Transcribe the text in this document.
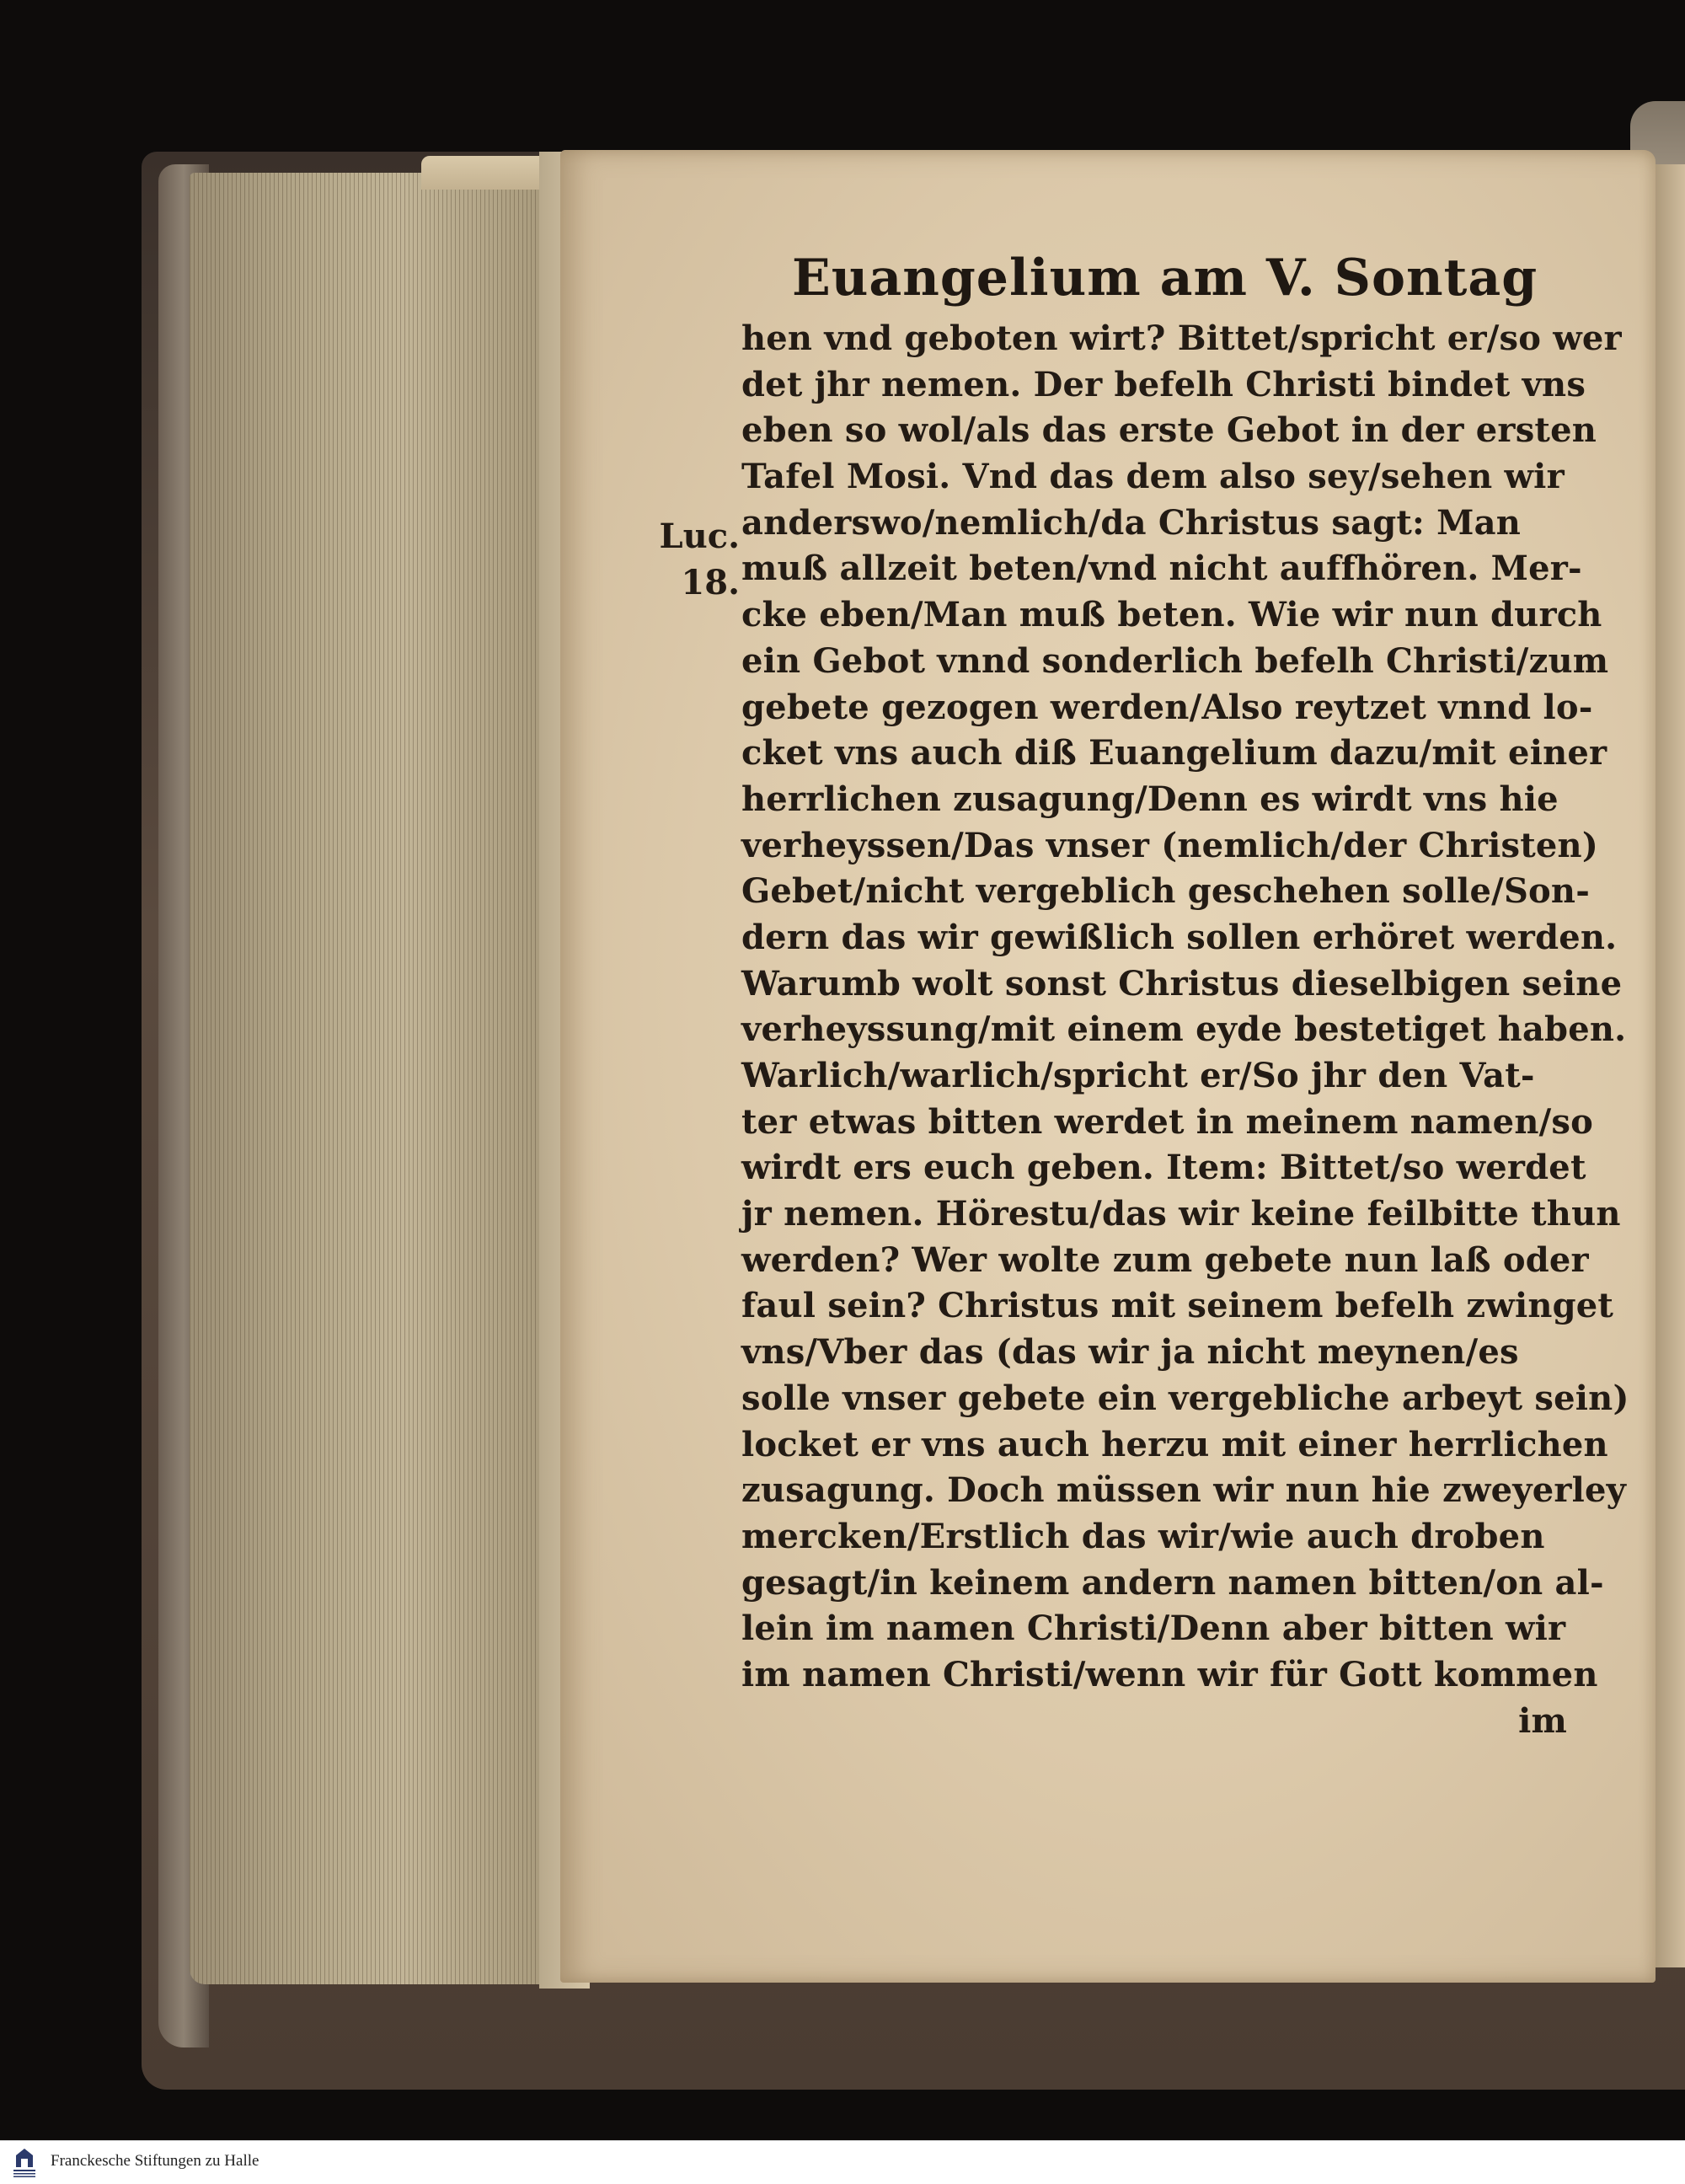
Euangelium am V. Sontag
Luc.
18.
hen vnd geboten wirt? Bittet/spricht er/so wer
det jhr nemen. Der befelh Christi bindet vns
eben so wol/als das erste Gebot in der ersten
Tafel Mosi. Vnd das dem also sey/sehen wir
anderswo/nemlich/da Christus sagt: Man
muß allzeit beten/vnd nicht auffhören. Mer-
cke eben/Man muß beten. Wie wir nun durch
ein Gebot vnnd sonderlich befelh Christi/zum
gebete gezogen werden/Also reytzet vnnd lo-
cket vns auch diß Euangelium dazu/mit einer
herrlichen zusagung/Denn es wirdt vns hie
verheyssen/Das vnser (nemlich/der Christen)
Gebet/nicht vergeblich geschehen solle/Son-
dern das wir gewißlich sollen erhöret werden.
Warumb wolt sonst Christus dieselbigen seine
verheyssung/mit einem eyde bestetiget haben.
Warlich/warlich/spricht er/So jhr den Vat-
ter etwas bitten werdet in meinem namen/so
wirdt ers euch geben. Item: Bittet/so werdet
jr nemen. Hörestu/das wir keine feilbitte thun
werden? Wer wolte zum gebete nun laß oder
faul sein? Christus mit seinem befelh zwinget
vns/Vber das (das wir ja nicht meynen/es
solle vnser gebete ein vergebliche arbeyt sein)
locket er vns auch herzu mit einer herrlichen
zusagung. Doch müssen wir nun hie zweyerley
mercken/Erstlich das wir/wie auch droben
gesagt/in keinem andern namen bitten/on al-
lein im namen Christi/Denn aber bitten wir
im namen Christi/wenn wir für Gott kommen
im
Franckesche Stiftungen zu Halle
